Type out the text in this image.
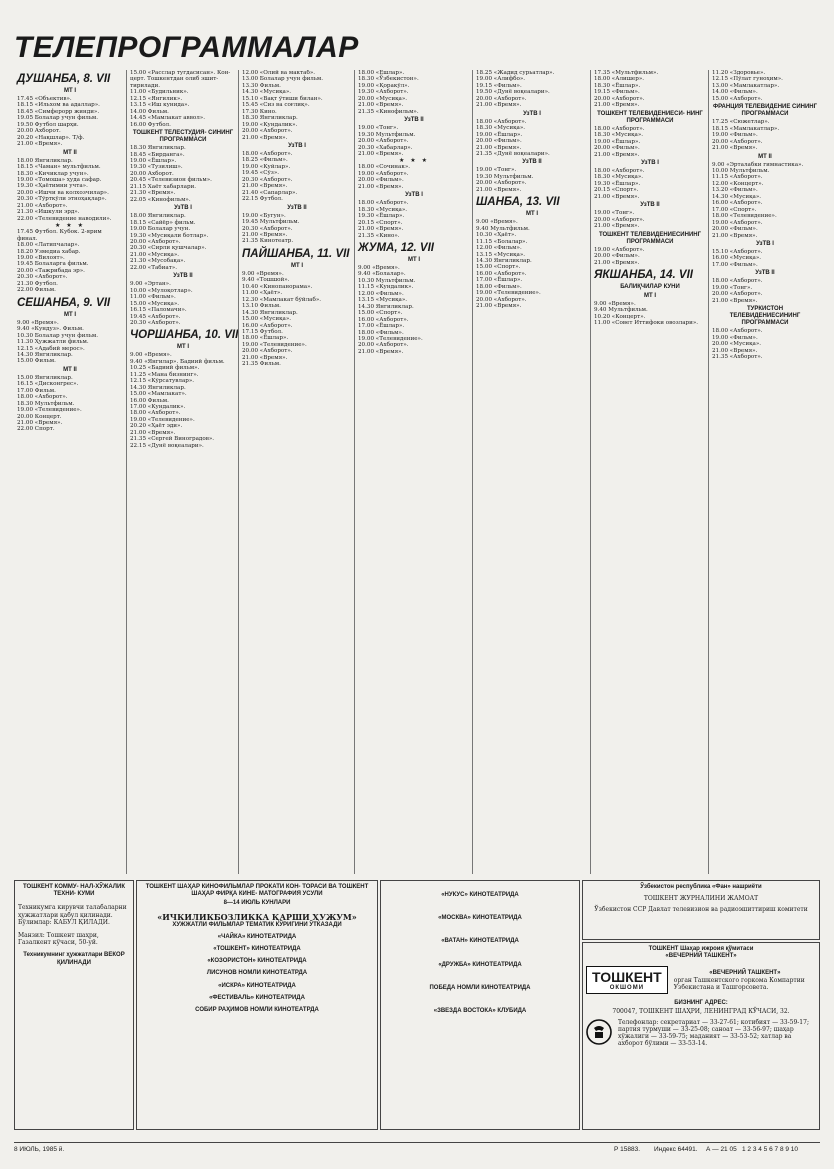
ТЕЛЕПРОГРАММАЛАР
ДУШАНБА, 8. VII
МТ I
17.45 «Объектив».
18.15 «Ильхом ва адаллар».
18.45 «Симферopр жинди».
19.05 Болалар учун фильм.
19.50 Футбол шарҳи.
20.00 Ахборот.
20.20 «Нақшлар». Т/ф.
21.00 «Время».
МТ II
18.00 Янгиликлар.
18.15 «Чаман» мультфильм.
18.30 «Кичиклар учун».
19.00 «Томоша» ҳуда сафар.
19.30 «Ҳаётимни учта».
20.00 «Ишчи ва колхозчилар».
20.30 «Тўрткўли этноҳақлар».
21.00 «Ахборот».
21.30 «Ишкули эрд».
22.00 «Телевидение наводили».
★ ★ ★
17.45 Футбол. Кубок. 2-ярим финал.
18.00 «Латипчалар».
18.20 Узмедиа хабар.
19.00 «Вилоят».
19.45 Болаларга фильм.
20.00 «Тажрибада эр».
20.30 «Ахборот».
21.30 Футбол.
22.00 Фильм.
СЕШАНБА, 9. VII
МТ I
9.00 «Время».
9.40 «Кундуз». Фильм.
10.30 Болалар учун фильм.
11.30 Ҳужжатли фильм.
12.15 «Адабий мерос».
14.30 Янгиликлар.
15.00 Фильм.
МТ II
15.00 Янгиликлар.
16.15 «Дисконгрес».
17.00 Фильм.
18.00 «Ахборот».
18.30 Мультфильм.
19.00 «Телевидение».
20.00 Концерт.
21.00 «Время».
22.00 Спорт.
15.00 «Расслар тугдасисан». Кон- церт. Тошкентдан олиб эшит- тирилади.
11.00 «Будильник».
12.15 «Янгилик».
13.15 «Иш кунида».
14.00 Фильм.
14.45 «Мамлакат аввол».
16.00 Футбол.
ТОШКЕНТ ТЕЛЕСТУДИЯ- СИНИНГ ПРОГРАММАСИ
18.30 Янгиликлар.
18.45 «Бирданга».
19.00 «Ёшлар».
19.30 «Тузилиш».
20.00 Ахборот.
20.45 «Телевизион фильм».
21.15 Хаёт хабарлари.
21.30 «Время».
22.05 «Кинофильм».
УзТВ I
18.00 Янгиликлар.
18.15 «Сайёр» фильм.
19.00 Болалар учун.
19.30 «Мусиқали ботлар».
20.00 «Ахборот».
20.30 «Сирли қушчалар».
21.00 «Мусиқа».
21.30 «Мусобақа».
22.00 «Табиат».
УзТВ II
9.00 «Эртан».
10.00 «Мулоқотлар».
11.00 «Фильм».
15.00 «Мусиқа».
16.15 «Паломачи».
19.45 «Ахборот».
20.30 «Ахборот».
ЧОРШАНБА, 10. VII
МТ I
9.00 «Время».
9.40 «Янгилар». Бадиий фильм.
10.25 «Бадиий фильм».
11.25 «Мана бизнинг».
12.15 «Кўрсатувлар».
14.30 Янгиликлар.
15.00 «Мамлакат».
16.00 Фильм.
17.00 «Кундалик».
18.00 «Ахборот».
19.00 «Телевидение».
20.20 «Ҳаёт эди».
21.00 «Время».
21.35 «Сергей Виноградов».
22.15 «Дунё воқеалари».
12.00 «Олий ва мактаб».
13.00 Болалар учун фильм.
13.30 Фильм.
14.30 «Мусиқа».
15.10 «Вақт ўтиши билан».
15.45 «Сиз ва соғлиқ».
17.30 Кино.
18.30 Янгиликлар.
19.00 «Кундалик».
20.00 «Ахборот».
21.00 «Время».
УзТВ I
18.00 «Ахборот».
18.25 «Фильм».
19.00 «Куйлар».
19.45 «Сўз».
20.30 «Ахборот».
21.00 «Время».
21.40 «Сапарлар».
22.15 Футбол.
УзТВ II
19.00 «Бугун».
19.45 Мультфильм.
20.30 «Ахборот».
21.00 «Время».
21.35 Кинотеатр.
ПАЙШАНБА, 11. VII
МТ I
9.00 «Время».
9.40 «Тошшой».
10.40 «Кинопанорама».
11.00 «Ҳаёт».
12.30 «Мамлакат бўйлаб».
13.10 Фильм.
14.30 Янгиликлар.
15.00 «Мусиқа».
16.00 «Ахборот».
17.15 Футбол.
18.00 «Ёшлар».
19.00 «Телевидение».
20.00 «Ахборот».
21.00 «Время».
21.35 Фильм.
18.00 «Ёшлар».
18.30 «Ўзбекистон».
19.00 «Қоракўл».
19.30 «Ахборот».
20.00 «Мусиқа».
21.00 «Время».
21.35 «Кинофильм».
УзТВ II
19.00 «Тонг».
19.30 Мультфильм.
20.00 «Ахборот».
20.30 «Хабарлар».
21.00 «Время».
★ ★ ★
18.00 «Сочинак».
19.00 «Ахборот».
20.00 «Фильм».
21.00 «Время».
УзТВ I
18.00 «Ахборот».
18.30 «Мусиқа».
19.30 «Ёшлар».
20.15 «Спорт».
21.00 «Время».
21.35 «Кино».
ЖУМА, 12. VII
МТ I
9.00 «Время».
9.40 «Болалар».
10.30 Мультфильм.
11.15 «Кундалик».
12.00 «Фильм».
13.15 «Мусиқа».
14.30 Янгиликлар.
15.00 «Спорт».
16.00 «Ахборот».
17.00 «Ёшлар».
18.00 «Фильм».
19.00 «Телевидение».
20.00 «Ахборот».
21.00 «Время».
18.25 «Жадид сурьатлар».
19.00 «Алифбо».
19.15 «Фильм».
19.50 «Дунё воқеалари».
20.00 «Ахборот».
21.00 «Время».
УзТВ I
18.00 «Ахборот».
18.30 «Мусиқа».
19.00 «Ёшлар».
20.00 «Фильм».
21.00 «Время».
21.35 «Дунё воқеалари».
УзТВ II
19.00 «Тонг».
19.30 Мультфильм.
20.00 «Ахборот».
21.00 «Время».
ШАНБА, 13. VII
МТ I
9.00 «Время».
9.40 Мультфильм.
10.30 «Ҳаёт».
11.15 «Болалар».
12.00 «Фильм».
13.15 «Мусиқа».
14.30 Янгиликлар.
15.00 «Спорт».
16.00 «Ахборот».
17.00 «Ёшлар».
18.00 «Фильм».
19.00 «Телевидение».
20.00 «Ахборот».
21.00 «Время».
17.35 «Мультфильм».
18.00 «Алишер».
18.30 «Ёшлар».
19.15 «Фильм».
20.00 «Ахборот».
21.00 «Время».
ТОШКЕНТ ТЕЛЕВИДЕНИЕСИ- НИНГ ПРОГРАММАСИ
18.00 «Ахборот».
18.30 «Мусиқа».
19.00 «Ёшлар».
20.00 «Фильм».
21.00 «Время».
УзТВ I
18.00 «Ахборот».
18.30 «Мусиқа».
19.30 «Ёшлар».
20.15 «Спорт».
21.00 «Время».
УзТВ II
19.00 «Тонг».
20.00 «Ахборот».
21.00 «Время».
ТОШКЕНТ ТЕЛЕВИДЕНИЕСИНИНГ ПРОГРАММАСИ
19.00 «Ахборот».
20.00 «Фильм».
21.00 «Время».
ЯКШАНБА, 14. VII
БАЛИҚЧИЛАР КУНИ
МТ I
9.00 «Время».
9.40 Мультфильм.
10.20 «Концерт».
11.00 «Совет Иттифоки овозлари».
11.20 «Здоровье».
12.15 «Пўлат гуноҳим».
13.00 «Мамлакатлар».
14.00 «Фильм».
15.00 «Ахборот».
ФРАНЦИЯ ТЕЛЕВИДЕНИЕ СИНИНГ ПРОГРАММАСИ
17.25 «Сюжетлар».
18.15 «Мамлакатлар».
19.00 «Фильм».
20.00 «Ахборот».
21.00 «Время».
МТ II
9.00 «Эрталабки гимнастика».
10.00 Мультфильм.
11.15 «Ахборот».
12.00 «Концерт».
13.20 «Фильм».
14.30 «Мусиқа».
16.00 «Ахборот».
17.00 «Спорт».
18.00 «Телевидение».
19.00 «Ахборот».
20.00 «Фильм».
21.00 «Время».
УзТВ I
15.10 «Ахборот».
16.00 «Мусиқа».
17.00 «Фильм».
УзТВ II
18.00 «Ахборот».
19.00 «Тонг».
20.00 «Ахборот».
21.00 «Время».
ТУРКИСТОН ТЕЛЕВИДЕНИЕСИНИНГ ПРОГРАММАСИ
18.00 «Ахборот».
19.00 «Фильм».
20.00 «Мусиқа».
21.00 «Время».
21.35 «Ахборот».
ТОШКЕНТ КОММУ- НАЛ-ХЎЖАЛИК ТЕХНИ- КУМИ
Техникумга кирувчи талабаларни ҳужжатлари қабул қилинади. Бўлимлар: КАБУЛ ҚИЛАДИ.
Манзил: Тошкент шаҳри, Газалкент кўчаси, 50-уй.
Техникумнинг ҳужжатлари ВЕКОР ҚИЛИНАДИ
ТОШКЕНТ ШАҲАР КИНОФИЛЬМЛАР ПРОКАТИ КОН- ТОРАСИ ВА ТОШКЕНТ ШАҲАР ФИРҚА КИНЕ- МАТОГРАФИЯ УСУЛИ
8—14 ИЮЛЬ КУНЛАРИ
«ИЧКИЛИКБОЗЛИККА ҚАРШИ ҲУЖУМ»
ХУЖЖАТЛИ ФИЛЬМЛАР ТЕМАТИК КЎРИГИНИ ЎТКАЗАДИ
«ЧАЙКА» КИНОТЕАТРИДА
«ТОШКЕНТ» КИНОТЕАТРИДА
«КОЗОРИСТОН» КИНОТЕАТРИДА
ЛИСУНОВ НОМЛИ КИНОТЕАТРДА
«ИСКРА» КИНОТЕАТРИДА
«ФЕСТИВАЛЬ» КИНОТЕАТРИДА
СОБИР РАҲИМОВ НОМЛИ КИНОТЕАТРДА
«НУКУС» КИНОТЕАТРИДА
«МОСКВА» КИНОТЕАТРИДА
«ВАТАН» КИНОТЕАТРИДА
«ДРУЖБА» КИНОТЕАТРИДА
ПОБЕДА НОМЛИ КИНОТЕАТРИДА
«ЗВЕЗДА ВОСТОКА» КЛУБИДА
Ўзбекистон республика «Фан» нашриёти
ТОШКЕНТ ЖУРНАЛИНИ ЖАМОАТ
Ўзбекистон ССР Давлат телевизион ва радиоэшиттириш комитети
ТОШКЕНТ Шаҳар ижроия қўмитаси
«ВЕЧЕРНИЙ ТАШКЕНТ»
ТОШКЕНТ
ОКШОМИ
«ВЕЧЕРНИЙ ТАШКЕНТ»
орган Ташкентского горкома Компартии Узбекистана и Ташгорсовета.
БИЗНИНГ АДРЕС:
700047, ТОШКЕНТ ШАҲРИ, ЛЕНИНГРАД КЎЧАСИ, 32.
Телефонлар: секретариат — 33-27-61; котибият — 33-59-17; партия турмуши — 33-25-08; саноат — 33-56-97; шаҳар хўжалиги — 33-59-75; маданият — 33-53-52; хатлар ва ахборот бўлими — 33-53-14.
8 ИЮЛЬ, 1985 й.	Р 15883. Индекс 64491. А — 21 05 1 2 3 4 5 6 7 8 9 10
